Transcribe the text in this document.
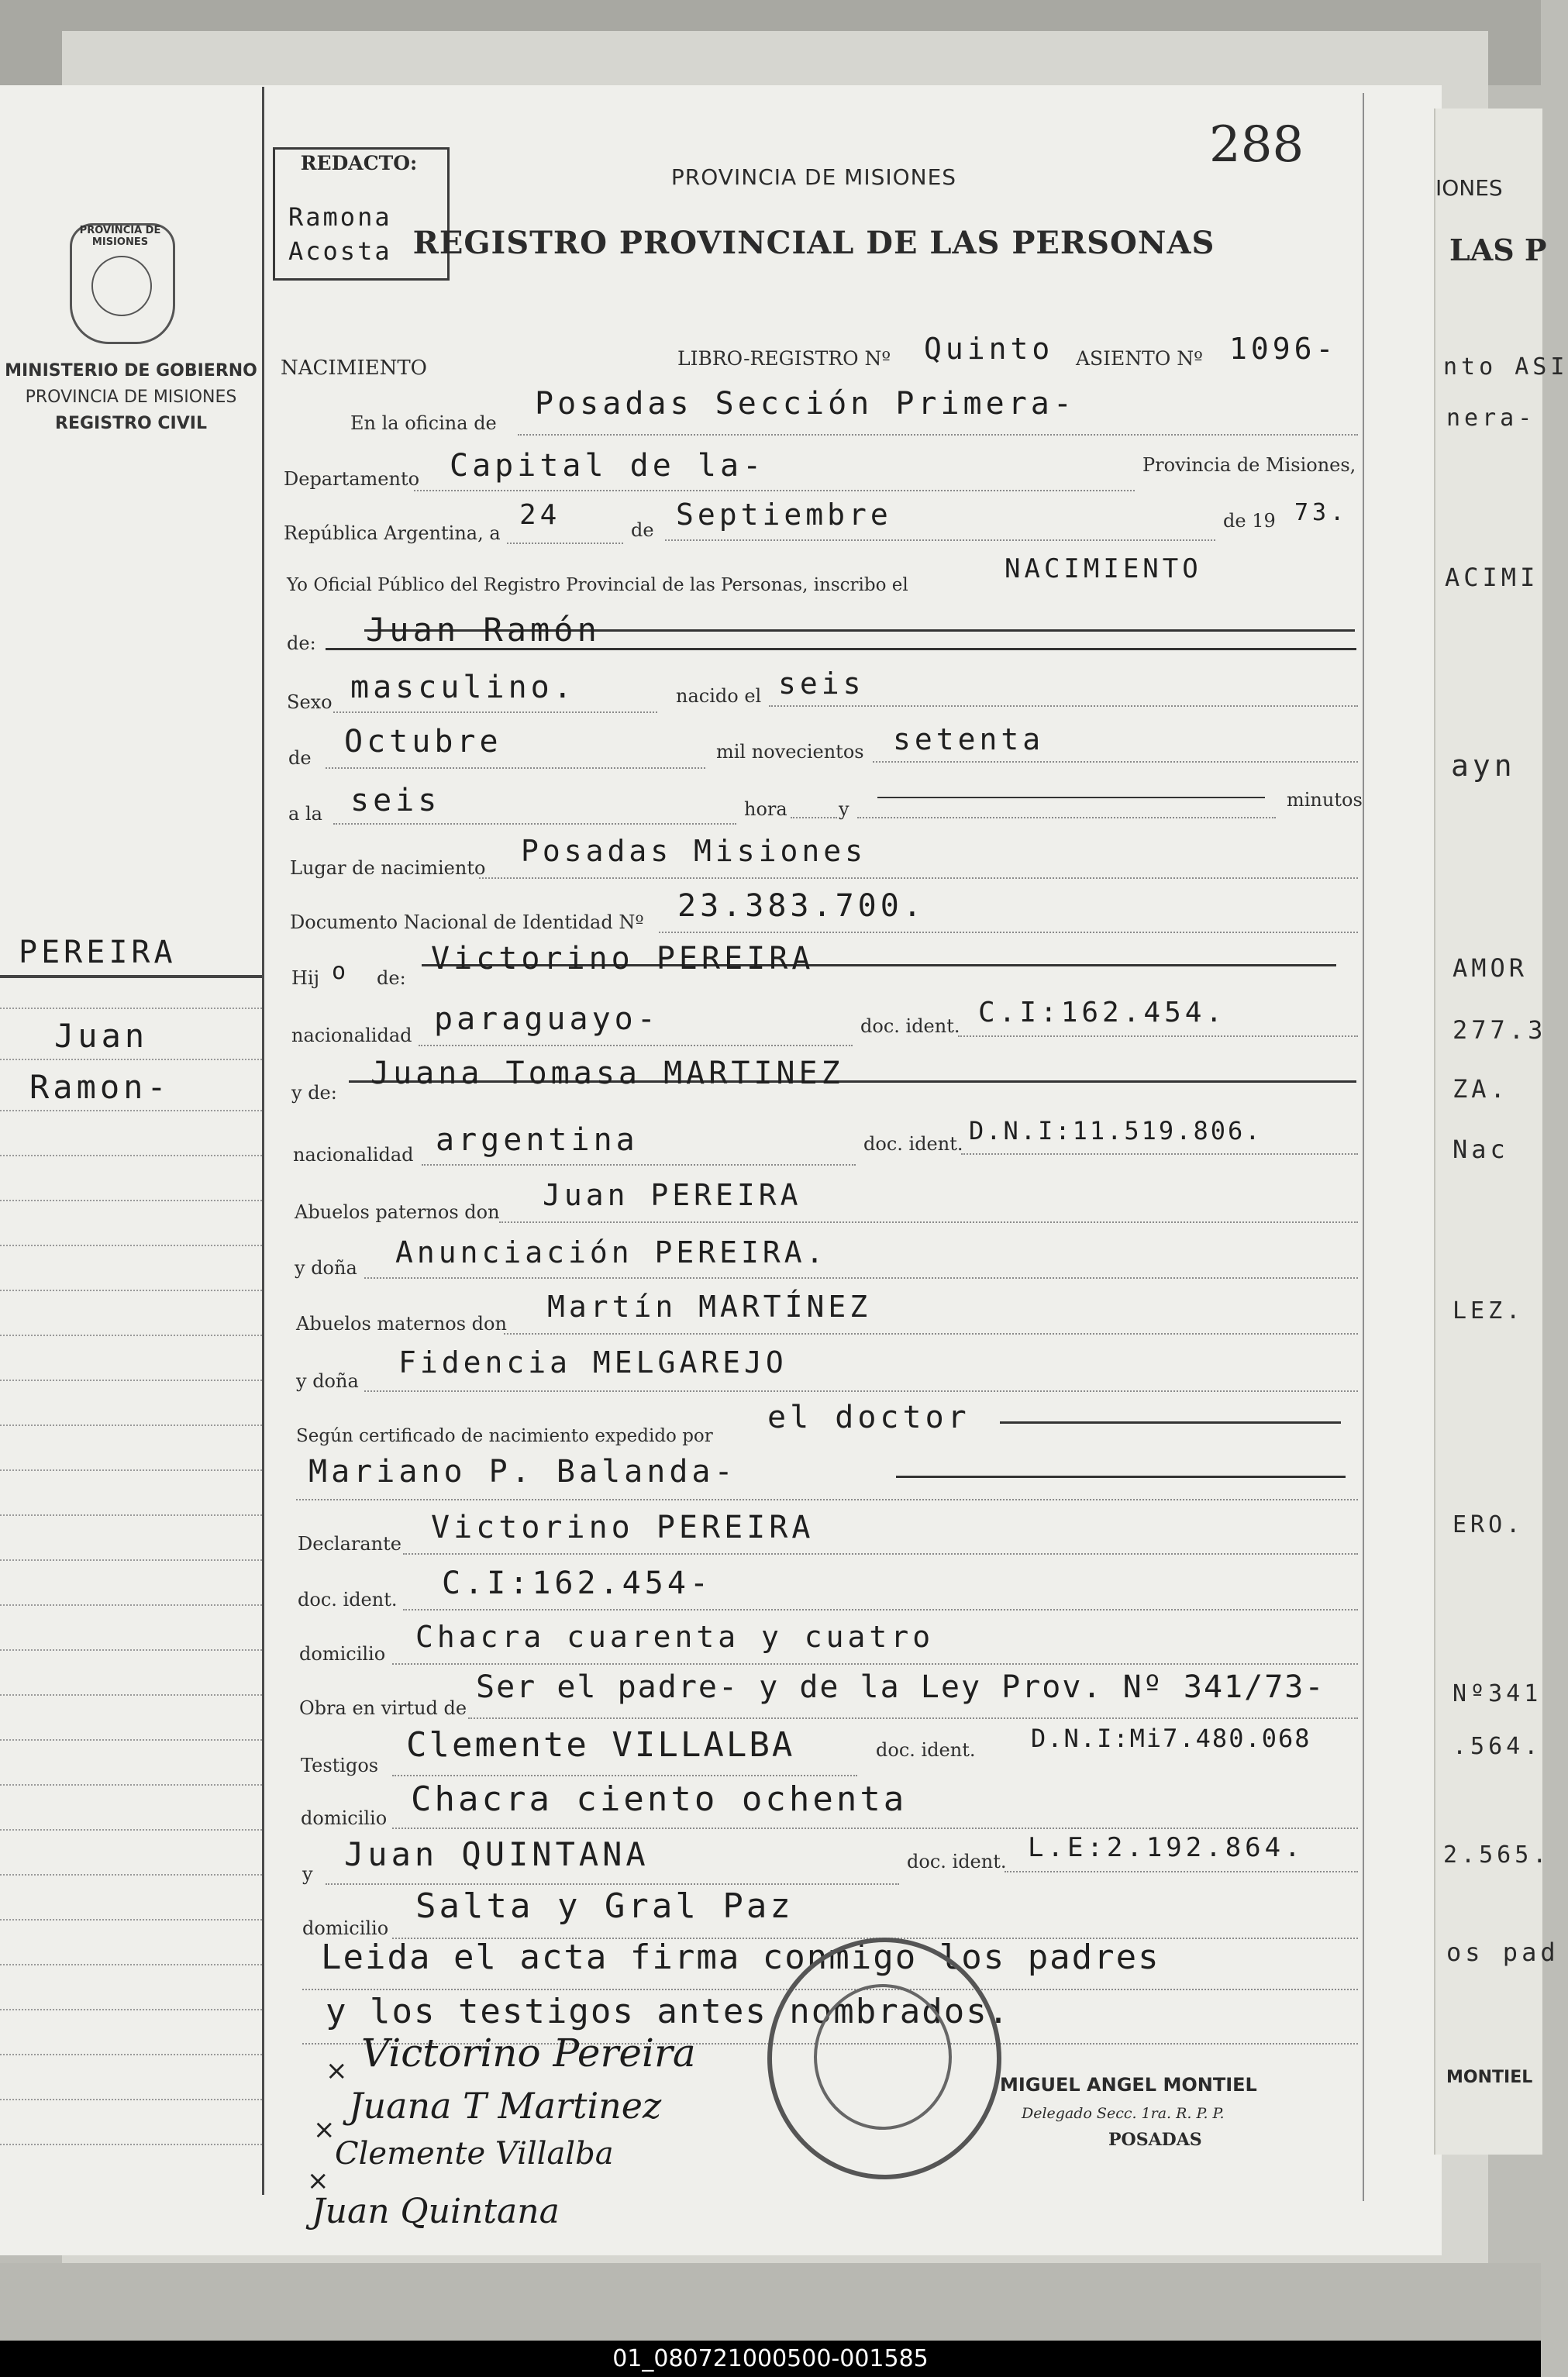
IONES
LAS P
nto ASI
nera-
ACIMI
ayn
AMOR
277.3
ZA.
Nac
LEZ.
ERO.
Nº341
.564.
2.565.
os pad
MONTIEL
PROVINCIA DE MISIONES
MINISTERIO DE GOBIERNO
PROVINCIA DE MISIONES
REGISTRO CIVIL
PEREIRA
Juan
Ramon-
REDACTO:
Ramona
Acosta
288
PROVINCIA DE MISIONES
REGISTRO PROVINCIAL DE LAS PERSONAS
NACIMIENTO	LIBRO-REGISTRO Nº Quinto ASIENTO Nº 1096-
En la oficina de
Posadas Sección Primera-
Departamento Capital de la-	Provincia de Misiones,
República Argentina, a
24	de Septiembre	de 19 73.
Yo Oficial Público del Registro Provincial de las Personas, inscribo el
NACIMIENTO
de: Juan Ramón
Sexo masculino.	nacido el seis
de Octubre	mil novecientos setenta
a la seis	hora	y	minutos
Lugar de nacimiento Posadas Misiones
Documento Nacional de Identidad Nº 23.383.700.
Hij o de:
Victorino PEREIRA
nacionalidad paraguayo-	doc. ident. C.I:162.454.
y de:
Juana Tomasa MARTINEZ
nacionalidad argentina	doc. ident. D.N.I:11.519.806.
Abuelos paternos don Juan PEREIRA
y doña Anunciación PEREIRA.
Abuelos maternos don Martín MARTÍNEZ
y doña
Fidencia MELGAREJO
Según certificado de nacimiento expedido por
el doctor
Mariano P. Balanda-
Declarante Victorino PEREIRA
doc. ident. C.I:162.454-
domicilio Chacra cuarenta y cuatro
Obra en virtud de
Ser el padre- y de la Ley Prov. Nº 341/73-
Testigos
Clemente VILLALBA	doc. ident. D.N.I:Mi7.480.068
domicilio Chacra ciento ochenta
y
Juan QUINTANA	doc. ident. L.E:2.192.864.
domicilio
Salta y Gral Paz
Leida el acta firma conmigo los padres
y los testigos antes nombrados.
MIGUEL ANGEL MONTIEL
Delegado Secc. 1ra. R. P. P.
POSADAS
× Victorino Pereira
×
Juana T Martinez
×
Clemente Villalba
Juan Quintana
01_080721000500-001585
